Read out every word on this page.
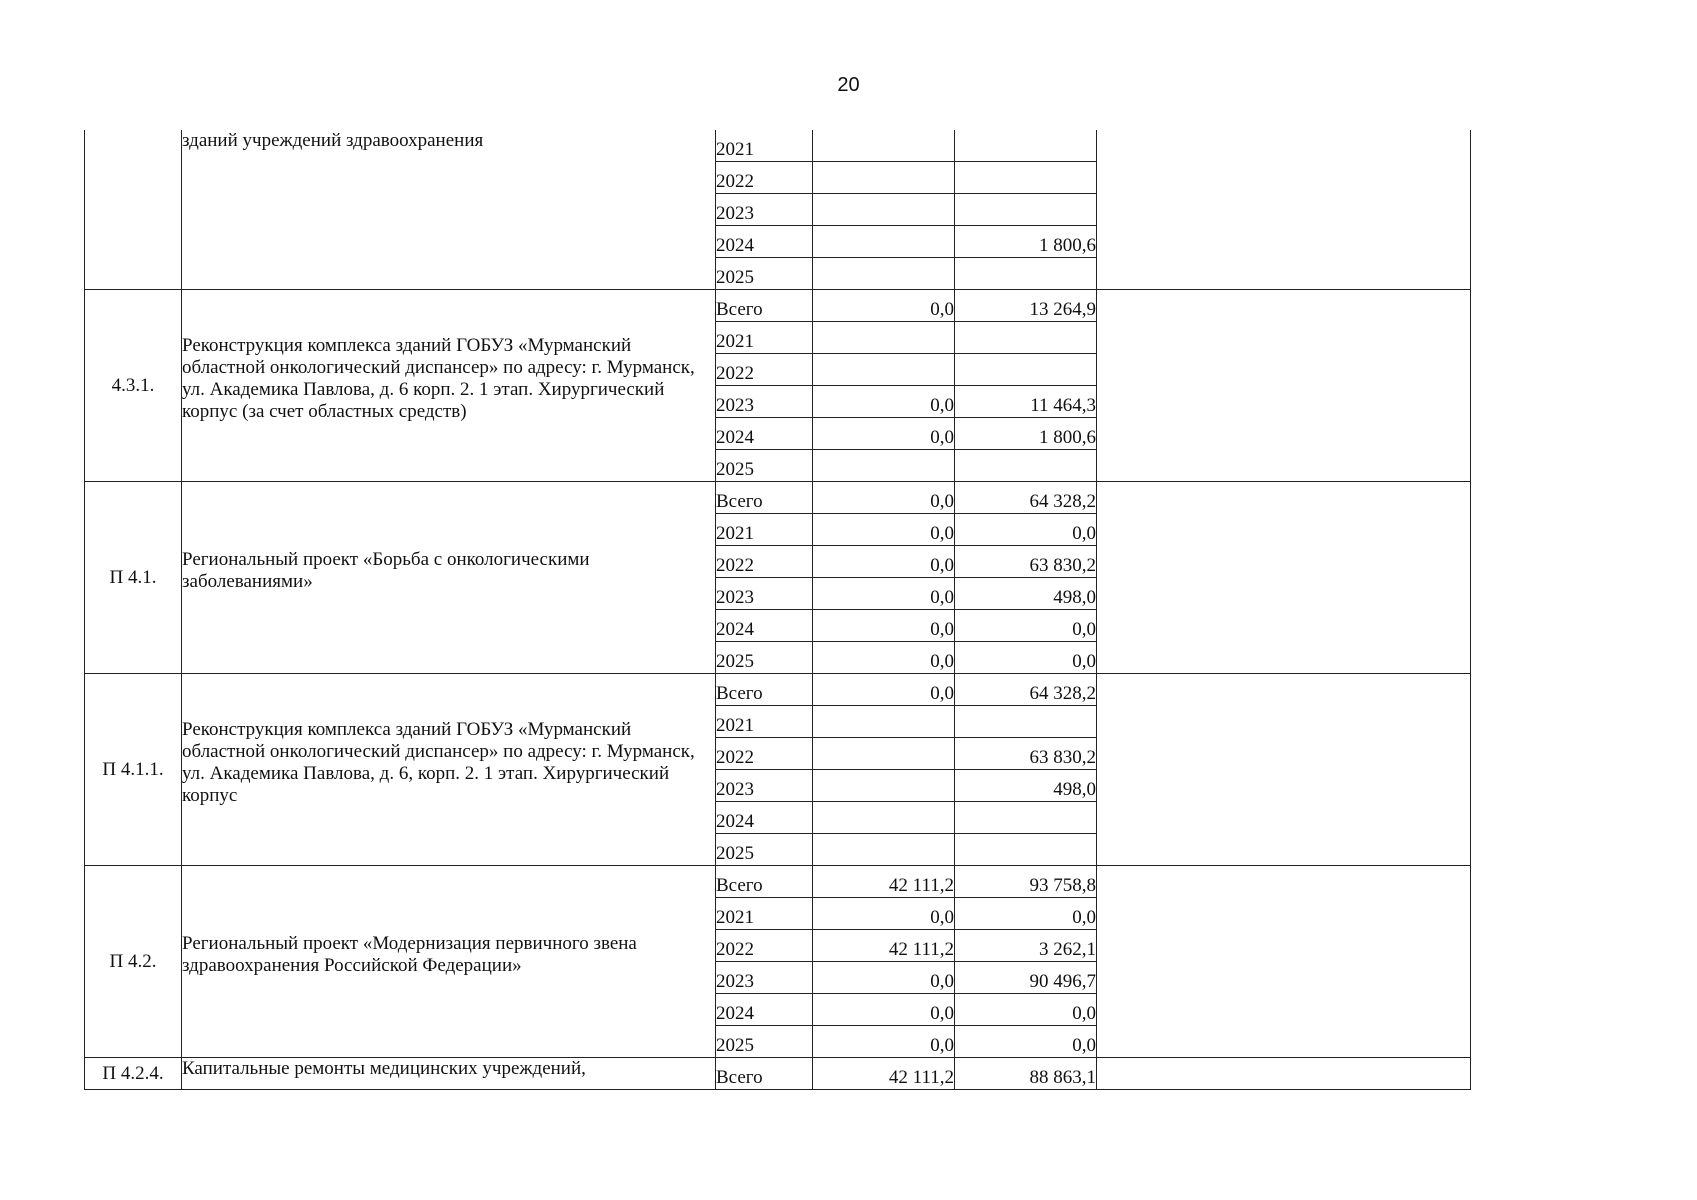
20
	зданий учреждений здравоохранения	2021			
		2022			
		2023			
		2024		1 800,6	
		2025			
4.3.1.	Реконструкция комплекса зданий ГОБУЗ «Мурманский областной онкологический диспансер» по адресу: г. Мурманск, ул. Академика Павлова, д. 6 корп. 2. 1 этап. Хирургический корпус (за счет областных средств)	Всего	0,0	13 264,9	
		2021			
		2022			
		2023	0,0	11 464,3	
		2024	0,0	1 800,6	
		2025			
П 4.1.	Региональный проект «Борьба с онкологическими заболеваниями»	Всего	0,0	64 328,2	
		2021	0,0	0,0	
		2022	0,0	63 830,2	
		2023	0,0	498,0	
		2024	0,0	0,0	
		2025	0,0	0,0	
П 4.1.1.	Реконструкция комплекса зданий ГОБУЗ «Мурманский областной онкологический диспансер» по адресу: г. Мурманск, ул. Академика Павлова, д. 6, корп. 2. 1 этап. Хирургический корпус	Всего	0,0	64 328,2	
		2021			
		2022		63 830,2	
		2023		498,0	
		2024			
		2025			
П 4.2.	Региональный проект «Модернизация первичного звена здравоохранения Российской Федерации»	Всего	42 111,2	93 758,8	
		2021	0,0	0,0	
		2022	42 111,2	3 262,1	
		2023	0,0	90 496,7	
		2024	0,0	0,0	
		2025	0,0	0,0	
П 4.2.4.	Капитальные ремонты медицинских учреждений,	Всего	42 111,2	88 863,1	
